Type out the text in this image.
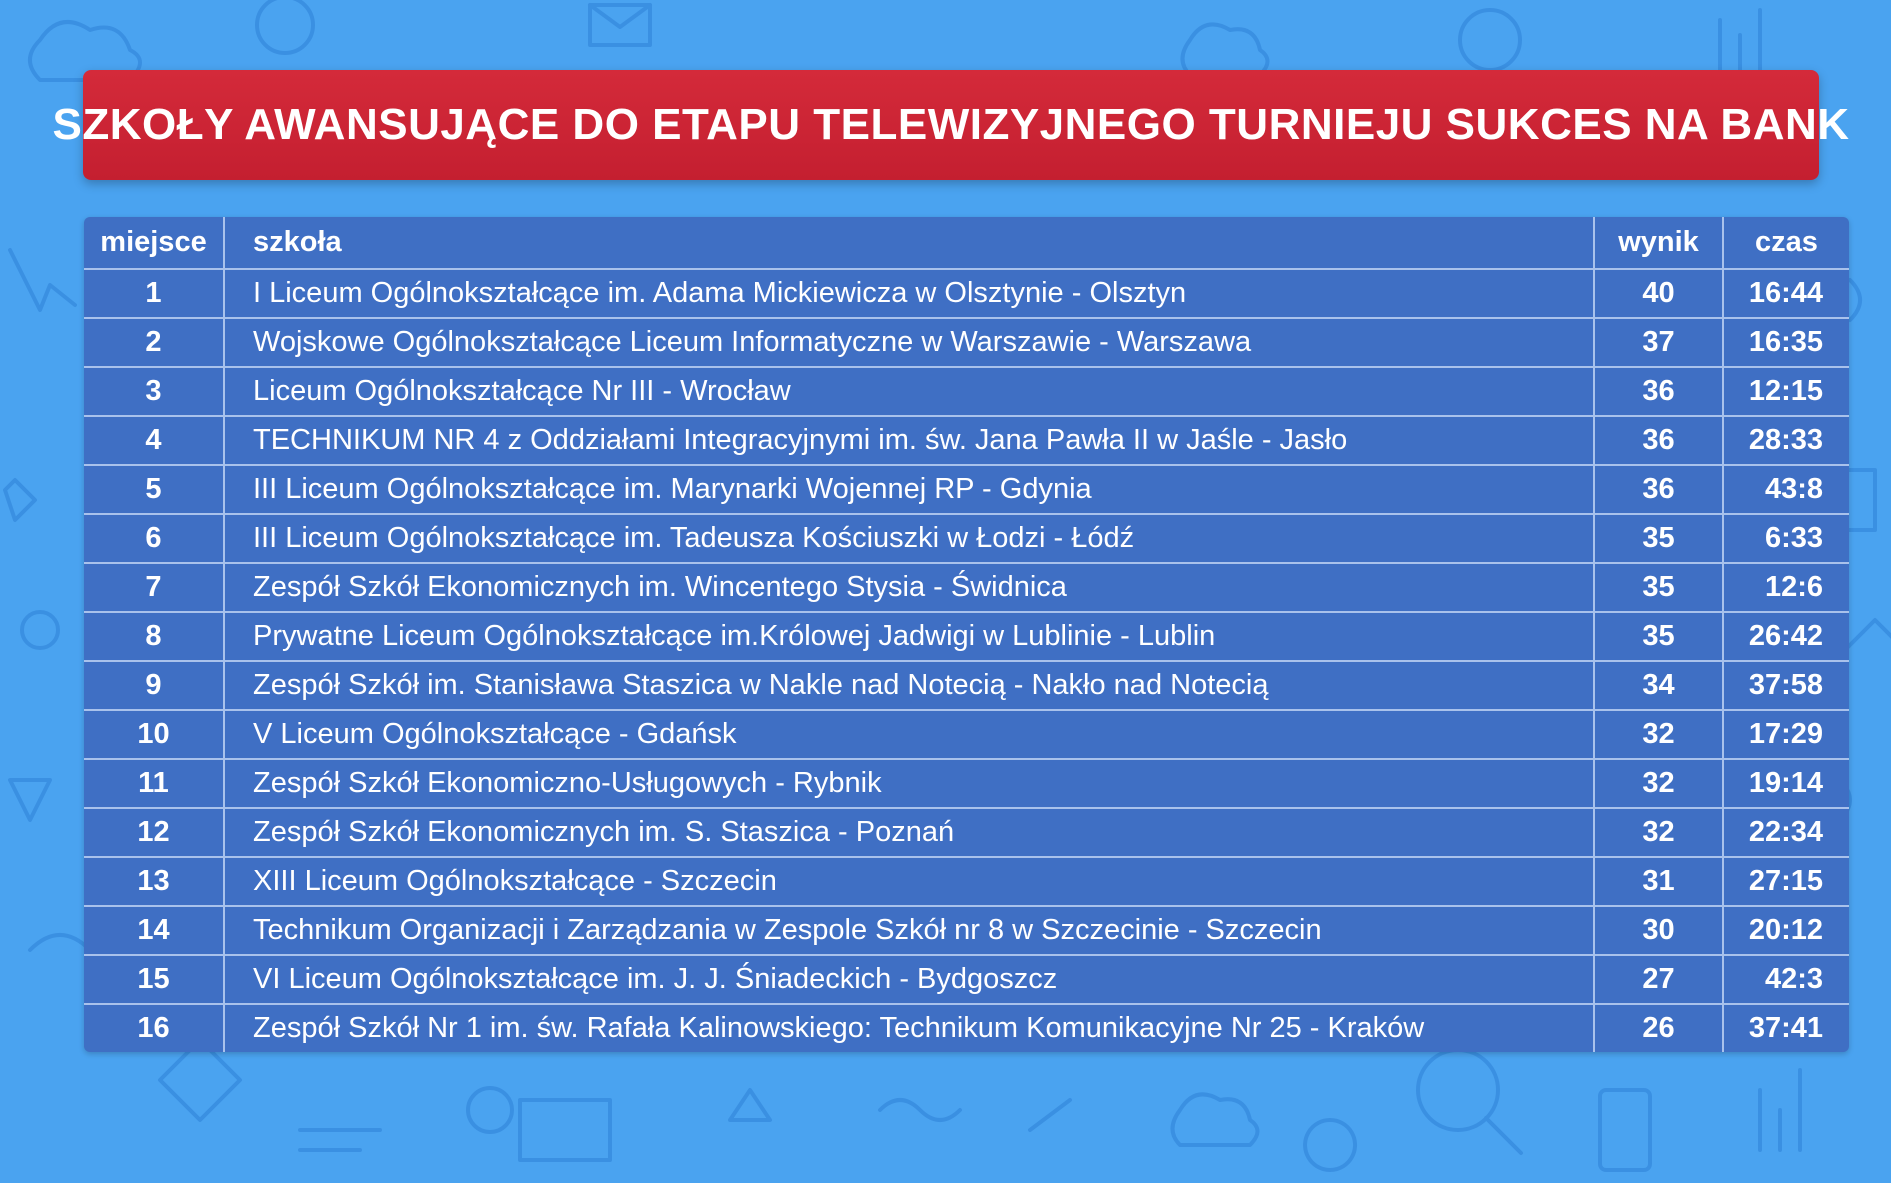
SZKOŁY AWANSUJĄCE DO ETAPU TELEWIZYJNEGO TURNIEJU SUKCES NA BANK
miejsce	szkoła	wynik	czas
1	I Liceum Ogólnokształcące im. Adama Mickiewicza w Olsztynie - Olsztyn	40	16:44
2	Wojskowe Ogólnokształcące Liceum Informatyczne w Warszawie - Warszawa	37	16:35
3	Liceum Ogólnokształcące Nr III - Wrocław	36	12:15
4	TECHNIKUM NR 4 z Oddziałami Integracyjnymi im. św. Jana Pawła II w Jaśle - Jasło	36	28:33
5	III Liceum Ogólnokształcące im. Marynarki Wojennej RP - Gdynia	36	43:8
6	III Liceum Ogólnokształcące im. Tadeusza Kościuszki w Łodzi - Łódź	35	6:33
7	Zespół Szkół Ekonomicznych im. Wincentego Stysia - Świdnica	35	12:6
8	Prywatne Liceum Ogólnokształcące im.Królowej Jadwigi w Lublinie - Lublin	35	26:42
9	Zespół Szkół im. Stanisława Staszica w Nakle nad Notecią - Nakło nad Notecią	34	37:58
10	V Liceum Ogólnokształcące - Gdańsk	32	17:29
11	Zespół Szkół Ekonomiczno-Usługowych - Rybnik	32	19:14
12	Zespół Szkół Ekonomicznych im. S. Staszica - Poznań	32	22:34
13	XIII Liceum Ogólnokształcące - Szczecin	31	27:15
14	Technikum Organizacji i Zarządzania w Zespole Szkół nr 8 w Szczecinie - Szczecin	30	20:12
15	VI Liceum Ogólnokształcące im. J. J. Śniadeckich - Bydgoszcz	27	42:3
16	Zespół Szkół Nr 1 im. św. Rafała Kalinowskiego: Technikum Komunikacyjne Nr 25 - Kraków	26	37:41
